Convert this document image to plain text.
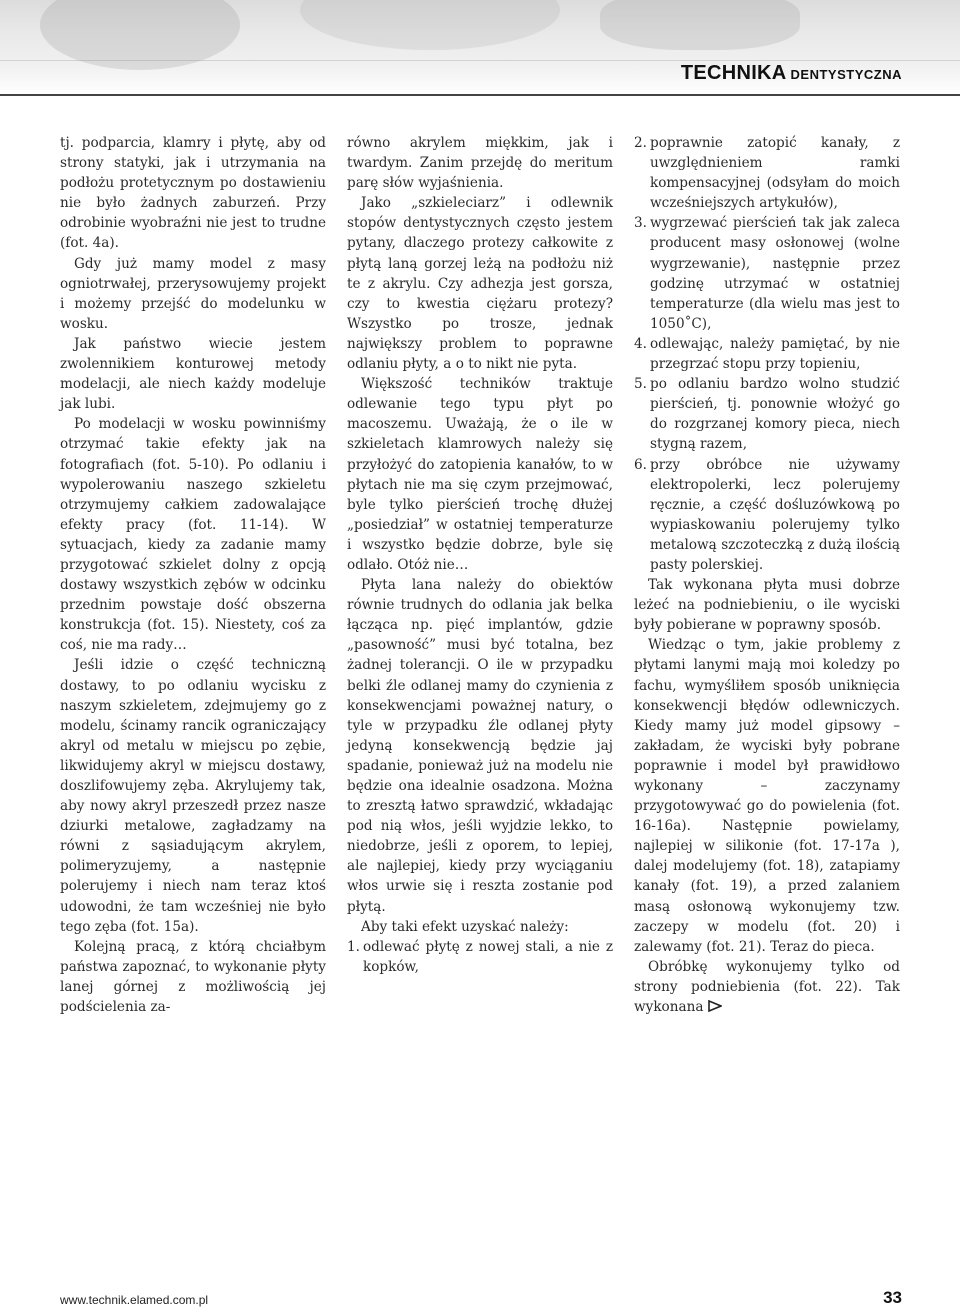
TECHNIKA DENTYSTYCZNA

tj. podparcia, klamry i płytę, aby od strony statyki, jak i utrzymania na podłożu protetycznym po dostawieniu nie było żadnych zaburzeń. Przy odrobinie wyobraźni nie jest to trudne (fot. 4a).

Gdy już mamy model z masy ogniotrwałej, przerysowujemy projekt i możemy przejść do modelunku w wosku.

Jak państwo wiecie jestem zwolennikiem konturowej metody modelacji, ale niech każdy modeluje jak lubi.

Po modelacji w wosku powinniśmy otrzymać takie efekty jak na fotografiach (fot. 5-10). Po odlaniu i wypolerowaniu naszego szkieletu otrzymujemy całkiem zadowalające efekty pracy (fot. 11-14). W sytuacjach, kiedy za zadanie mamy przygotować szkielet dolny z opcją dostawy wszystkich zębów w odcinku przednim powstaje dość obszerna konstrukcja (fot. 15). Niestety, coś za coś, nie ma rady…

Jeśli idzie o część techniczną dostawy, to po odlaniu wycisku z naszym szkieletem, zdejmujemy go z modelu, ścinamy rancik ograniczający akryl od metalu w miejscu po zębie, likwidujemy akryl w miejscu dostawy, doszlifowujemy zęba. Akrylujemy tak, aby nowy akryl przeszedł przez nasze dziurki metalowe, zagładzamy na równi z sąsiadującym akrylem, polimeryzujemy, a następnie polerujemy i niech nam teraz ktoś udowodni, że tam wcześniej nie było tego zęba (fot. 15a).

Kolejną pracą, z którą chciałbym państwa zapoznać, to wykonanie płyty lanej górnej z możliwością jej podścielenia za-

równo akrylem miękkim, jak i twardym. Zanim przejdę do meritum parę słów wyjaśnienia.

Jako „szkieleciarz” i odlewnik stopów dentystycznych często jestem pytany, dlaczego protezy całkowite z płytą laną gorzej leżą na podłożu niż te z akrylu. Czy adhezja jest gorsza, czy to kwestia ciężaru protezy? Wszystko po trosze, jednak największy problem to poprawne odlaniu płyty, a o to nikt nie pyta.

Większość techników traktuje odlewanie tego typu płyt po macoszemu. Uważają, że o ile w szkieletach klamrowych należy się przyłożyć do zatopienia kanałów, to w płytach nie ma się czym przejmować, byle tylko pierścień trochę dłużej „posiedział” w ostatniej temperaturze i wszystko będzie dobrze, byle się odlało. Otóż nie…

Płyta lana należy do obiektów równie trudnych do odlania jak belka łącząca np. pięć implantów, gdzie „pasowność” musi być totalna, bez żadnej tolerancji. O ile w przypadku belki źle odlanej mamy do czynienia z konsekwencjami poważnej natury, o tyle w przypadku źle odlanej płyty jedyną konsekwencją będzie jaj spadanie, ponieważ już na modelu nie będzie ona idealnie osadzona. Można to zresztą łatwo sprawdzić, wkładając pod nią włos, jeśli wyjdzie lekko, to niedobrze, jeśli z oporem, to lepiej, ale najlepiej, kiedy przy wyciąganiu włos urwie się i reszta zostanie pod płytą.

Aby taki efekt uzyskać należy:

1. odlewać płytę z nowej stali, a nie z kopków,
2. poprawnie zatopić kanały, z uwzględnieniem ramki kompensacyjnej (odsyłam do moich wcześniejszych artykułów),
3. wygrzewać pierścień tak jak zaleca producent masy osłonowej (wolne wygrzewanie), następnie przez godzinę utrzymać w ostatniej temperaturze (dla wielu mas jest to 1050˚C),
4. odlewając, należy pamiętać, by nie przegrzać stopu przy topieniu,
5. po odlaniu bardzo wolno studzić pierścień, tj. ponownie włożyć go do rozgrzanej komory pieca, niech stygną razem,
6. przy obróbce nie używamy elektropolerki, lecz polerujemy ręcznie, a część dośluzówkową po wypiaskowaniu polerujemy tylko metalową szczoteczką z dużą ilością pasty polerskiej.

Tak wykonana płyta musi dobrze leżeć na podniebieniu, o ile wyciski były pobierane w poprawny sposób.

Wiedząc o tym, jakie problemy z płytami lanymi mają moi koledzy po fachu, wymyśliłem sposób uniknięcia konsekwencji błędów odlewniczych. Kiedy mamy już model gipsowy – zakładam, że wyciski były pobrane poprawnie i model był prawidłowo wykonany – zaczynamy przygotowywać go do powielenia (fot. 16-16a). Następnie powielamy, najlepiej w silikonie (fot. 17-17a ), dalej modelujemy (fot. 18), zatapiamy kanały (fot. 19), a przed zalaniem masą osłonową wykonujemy tzw. zaczepy w modelu (fot. 20) i zalewamy (fot. 21). Teraz do pieca.

Obróbkę wykonujemy tylko od strony podniebienia (fot. 22). Tak wykonana

www.technik.elamed.com.pl	33
